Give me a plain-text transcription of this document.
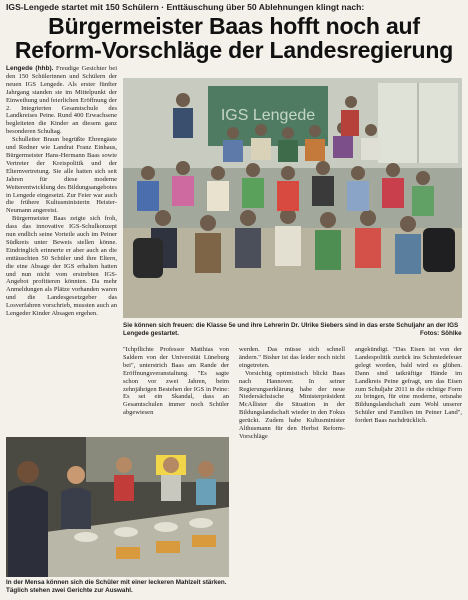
IGS-Lengede startet mit 150 Schülern · Enttäuschung über 50 Ablehnungen klingt nach:
Bürgermeister Baas hofft noch auf
Reform-Vorschläge der Landesregierung

Lengede (hhb). Freudige Gesichter bei den 150 Schülerinnen und Schülern der neuen IGS Lengede. Als erster fünfter Jahrgang standen sie im Mittelpunkt der Einweihung und feierlichen Eröffnung der 2. Integrierten Gesamtschule des Landkreises Peine. Rund 400 Erwachsene begleiteten die Kinder an diesem ganz besonderen Schultag.

Schulleiter Braun begrüßte Ehrengäste und Redner wie Landrat Franz Einhaus, Bürgermeister Hans-Hermann Baas sowie Vertreter der Kreispolitik und der Elternvertretung. Sie alle hatten sich seit Jahren für diese moderne Weiterentwicklung des Bildungsangebotes in Lengede eingesetzt. Zur Feier war auch die frühere Kultusministerin Heister-Neumann angereist.

Bürgermeister Baas zeigte sich froh, dass das innovative IGS-Schulkonzept nun endlich seine Vorteile auch im Peiner Südkreis unter Beweis stellen könne. Eindringlich erinnerte er aber auch an die enttäuschten 50 Schüler und ihre Eltern, die eine Absage der IGS erhalten hatten und nun nicht vom erstrebten IGS-Angebot profitieren könnten. Da mehr Anmeldungen als Plätze vorhanden waren und die Landesgesetzgeber das Losverfahren vorschrieb, mussten auch an Lengeder Kinder Absagen ergehen.

IGS Lengede
Sie können sich freuen: die Klasse 5e und ihre Lehrerin Dr. Ulrike Siebers sind in das erste Schuljahr an der IGS Lengede gestartet.	Fotos: Söhlke

"Ichpflichte Professor Matthias von Saldern von der Universität Lüneburg bei", unterstrich Baas am Rande der Eröffnungsveranstaltung. "Es sagte schon vor zwei Jahren, beim zehnjährigen Bestehen der IGS in Peine: Es sei ein Skandal, dass an Gesamtschulen immer noch Schüler abgewiesen

werden. Das müsse sich schnell ändern." Bisher ist das leider noch nicht eingetreten.

Vorsichtig optimistisch blickt Baas nach Hannover. In seiner Regierungserklärung habe der neue Niedersächsische Ministerpräsident McAllister die Situation in der Bildungslandschaft wieder in den Fokus gerückt. Zudem habe Kultusminister Althusmann für den Herbst Reform-Vorschläge

angekündigt. "Das Eisen ist von der Landespolitik zurück ins Schmiedefeuer gelegt worden, bald wird es glühen. Dann sind tatkräftige Hände im Landkreis Peine gefragt, um das Eisen zum Schuljahr 2011 in die richtige Form zu bringen, für eine moderne, ortsnahe Bildungslandschaft zum Wohl unserer Schüler und Familien im Peiner Land", fordert Baas nachdrücklich.

In der Mensa können sich die Schüler mit einer leckeren Mahlzeit stärken. Täglich stehen zwei Gerichte zur Auswahl.
